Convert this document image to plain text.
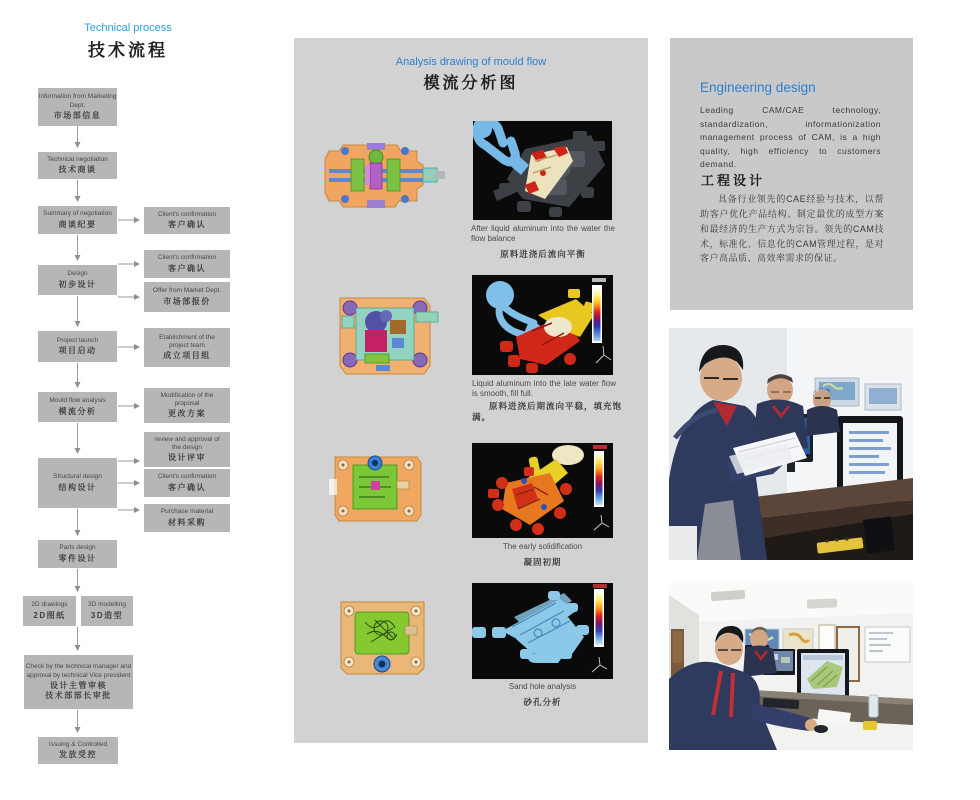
Technical process
技术流程
Information from Marketing Dept.
市场部信息
Technical negotiation
技术商谈
Summary of negotiation
商谈纪要
Design
初步设计
Project launch
项目启动
Mould flow analysis
模流分析
Structural design
结构设计
Parts design
零件设计
2D drawings
2D图纸
3D modelling
3D造型
Check by the technical manager and approval by technical Vice president
设计主管审核
技术部部长审批
Issuing & Controlled
发放受控
Client's confirmation
客户确认
Client's confirmation
客户确认
Offer from Market Dept.
市场部报价
Etablishment of the project team
成立项目组
Modification of the proposal
更改方案
review and approval of the design
设计评审
Client's confirmation
客户确认
Purchase material
材料采购
Analysis drawing of mould flow
模流分析图
After liquid aluminum into the water the flow balance
原料进浇后流向平衡
Liquid aluminum into the late water flow is smooth, fill full.
原料进浇后期流向平稳，填充饱满。
The early solidification
凝固初期
Sand hole analysis
砂孔分析
Engineering design
Leading CAM/CAE technology, standardization, informationization management process of CAM, is a high quality, high efficiency to customers demand.
工程设计
具备行业领先的CAE经验与技术，以帮助客户优化产品结构、制定最优的成型方案和最经济的生产方式为宗旨。领先的CAM技术，标准化、信息化的CAM管理过程，是对客户高品质、高效率需求的保证。
